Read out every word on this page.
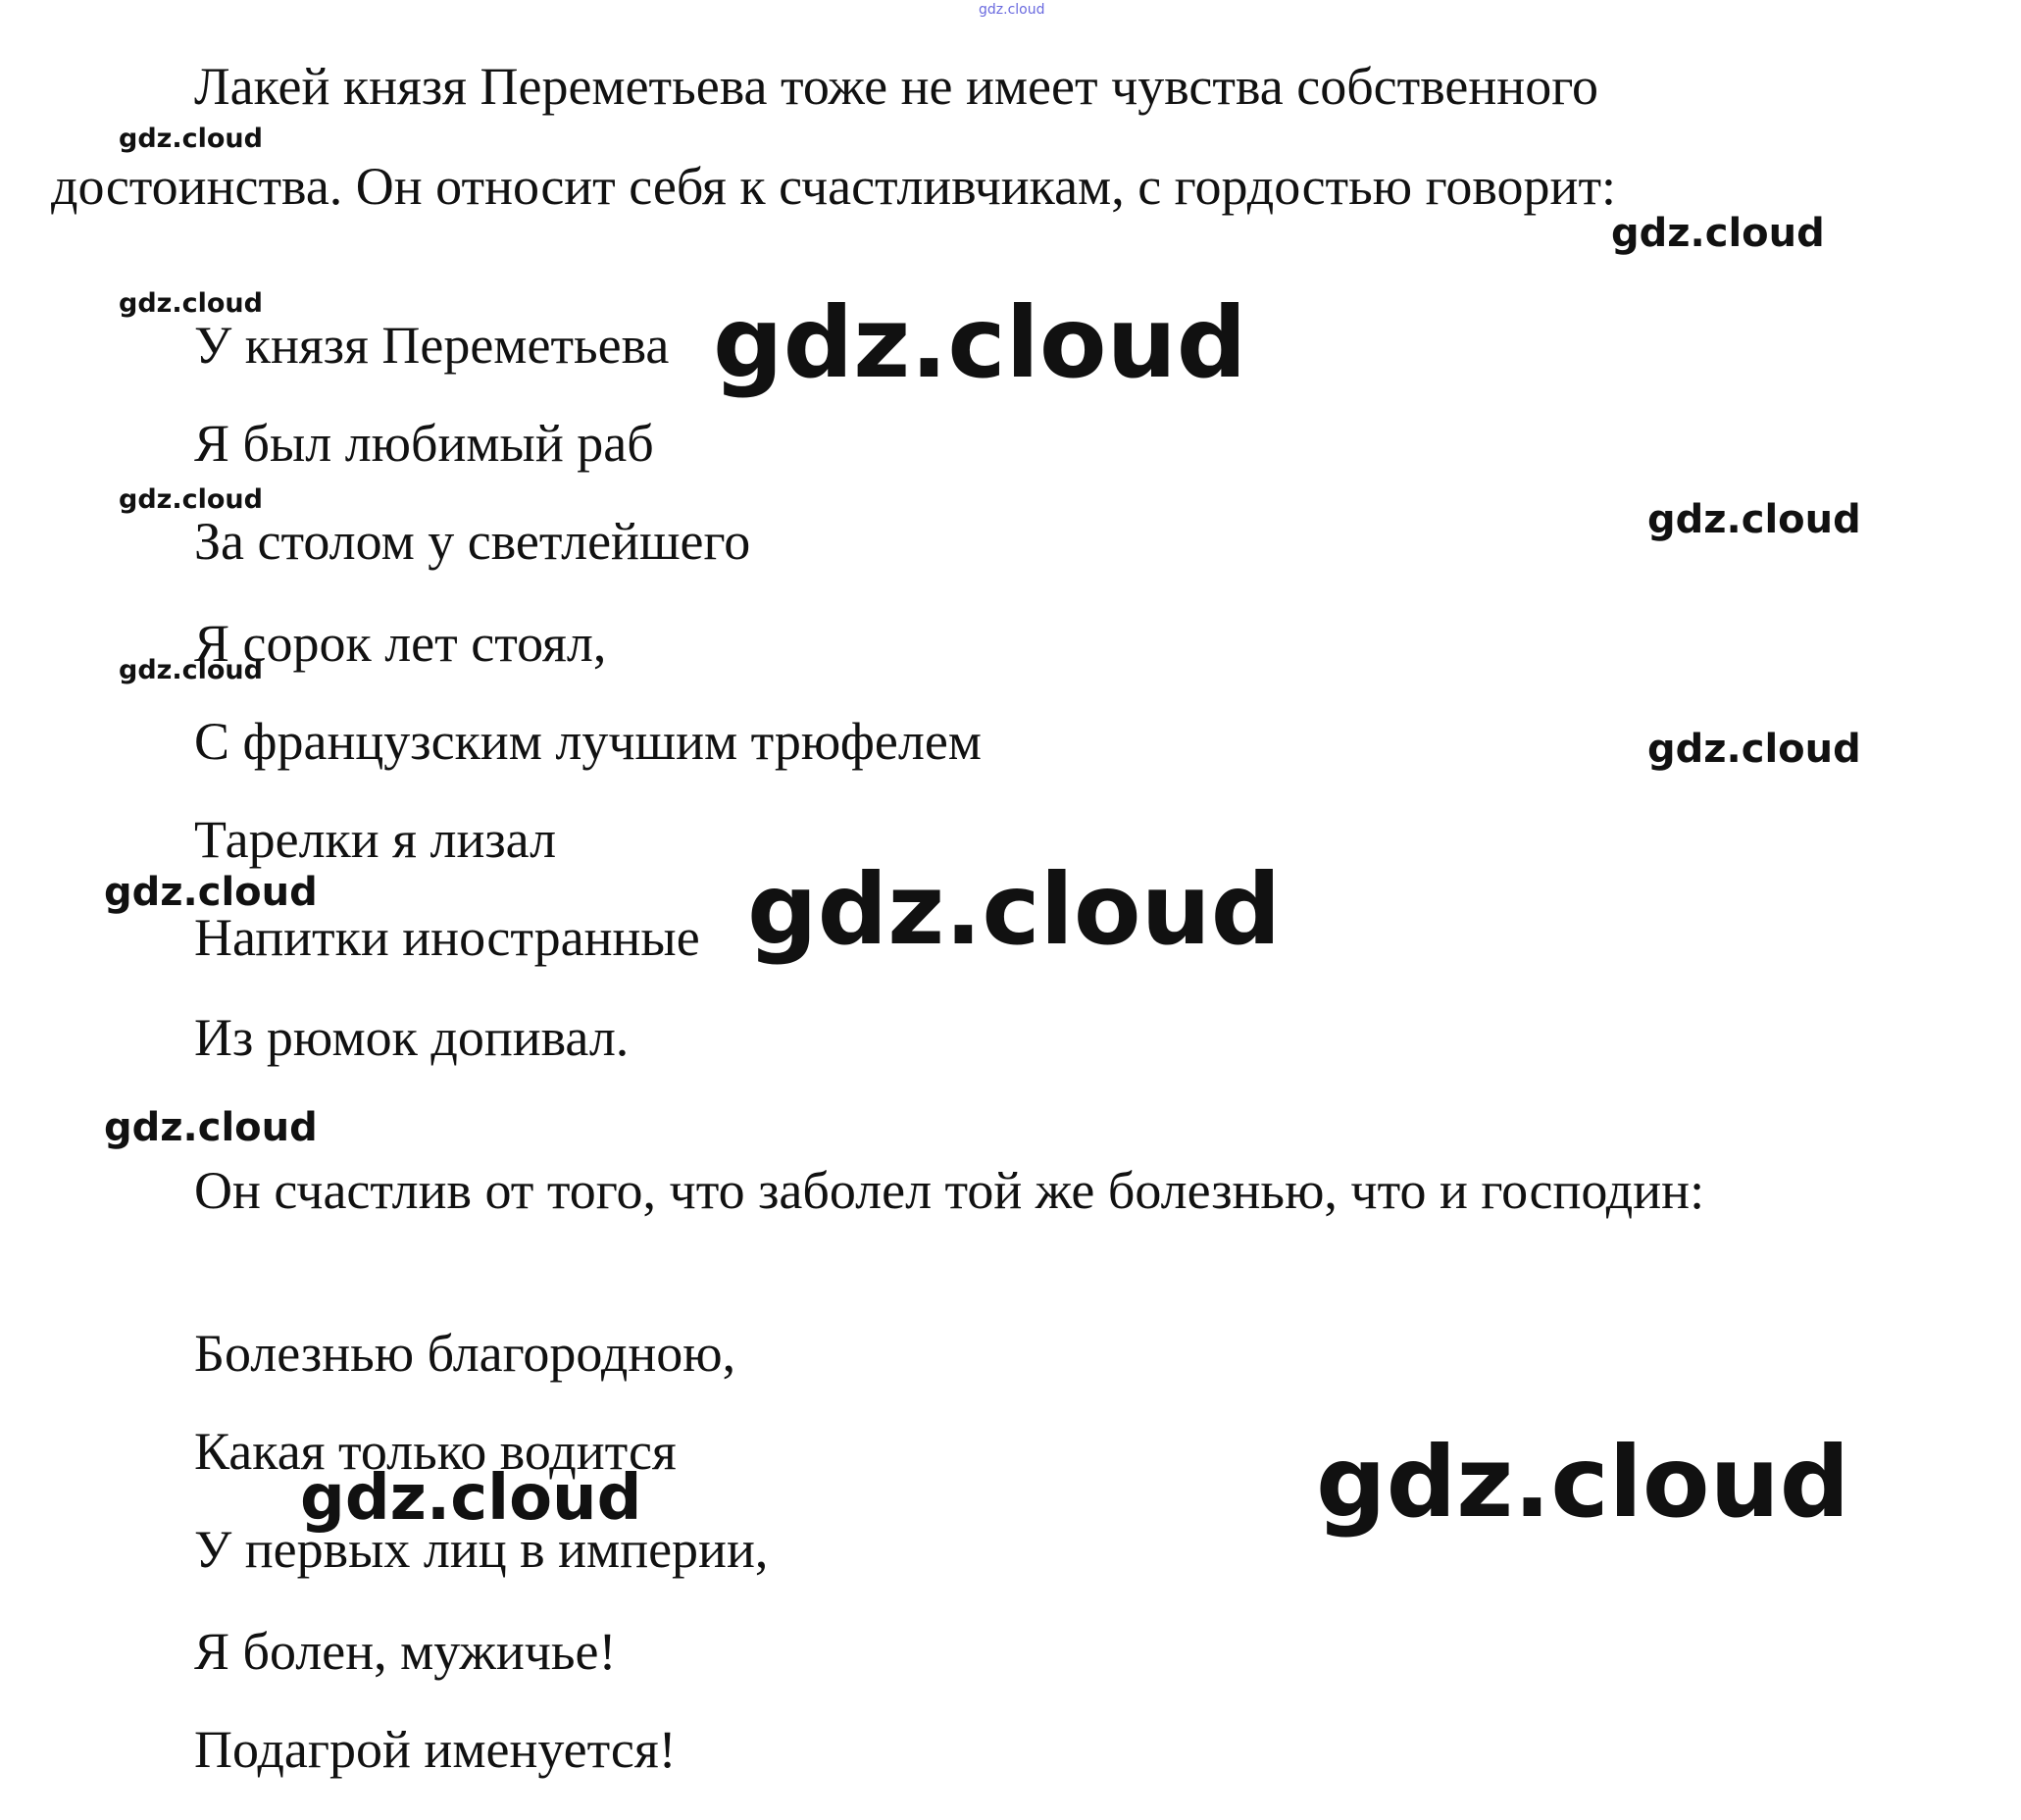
Лакей князя Переметьева тоже не имеет чувства собственного

достоинства. Он относит себя к счастливчикам, с гордостью говорит:

У князя Переметьева

Я был любимый раб

За столом у светлейшего

Я сорок лет стоял,

С французским лучшим трюфелем

Тарелки я лизал

Напитки иностранные

Из рюмок допивал.

Он счастлив от того, что заболел той же болезнью, что и господин:

Болезнью благородною,

Какая только водится

У первых лиц в империи,

Я болен, мужичье!

Подагрой именуется!

gdz.cloud
gdz.cloud
gdz.cloud
gdz.cloud	gdz.cloud
gdz.cloud	gdz.cloud
gdz.cloud
gdz.cloud
gdz.cloud	gdz.cloud
gdz.cloud
gdz.cloud
gdz.cloud
